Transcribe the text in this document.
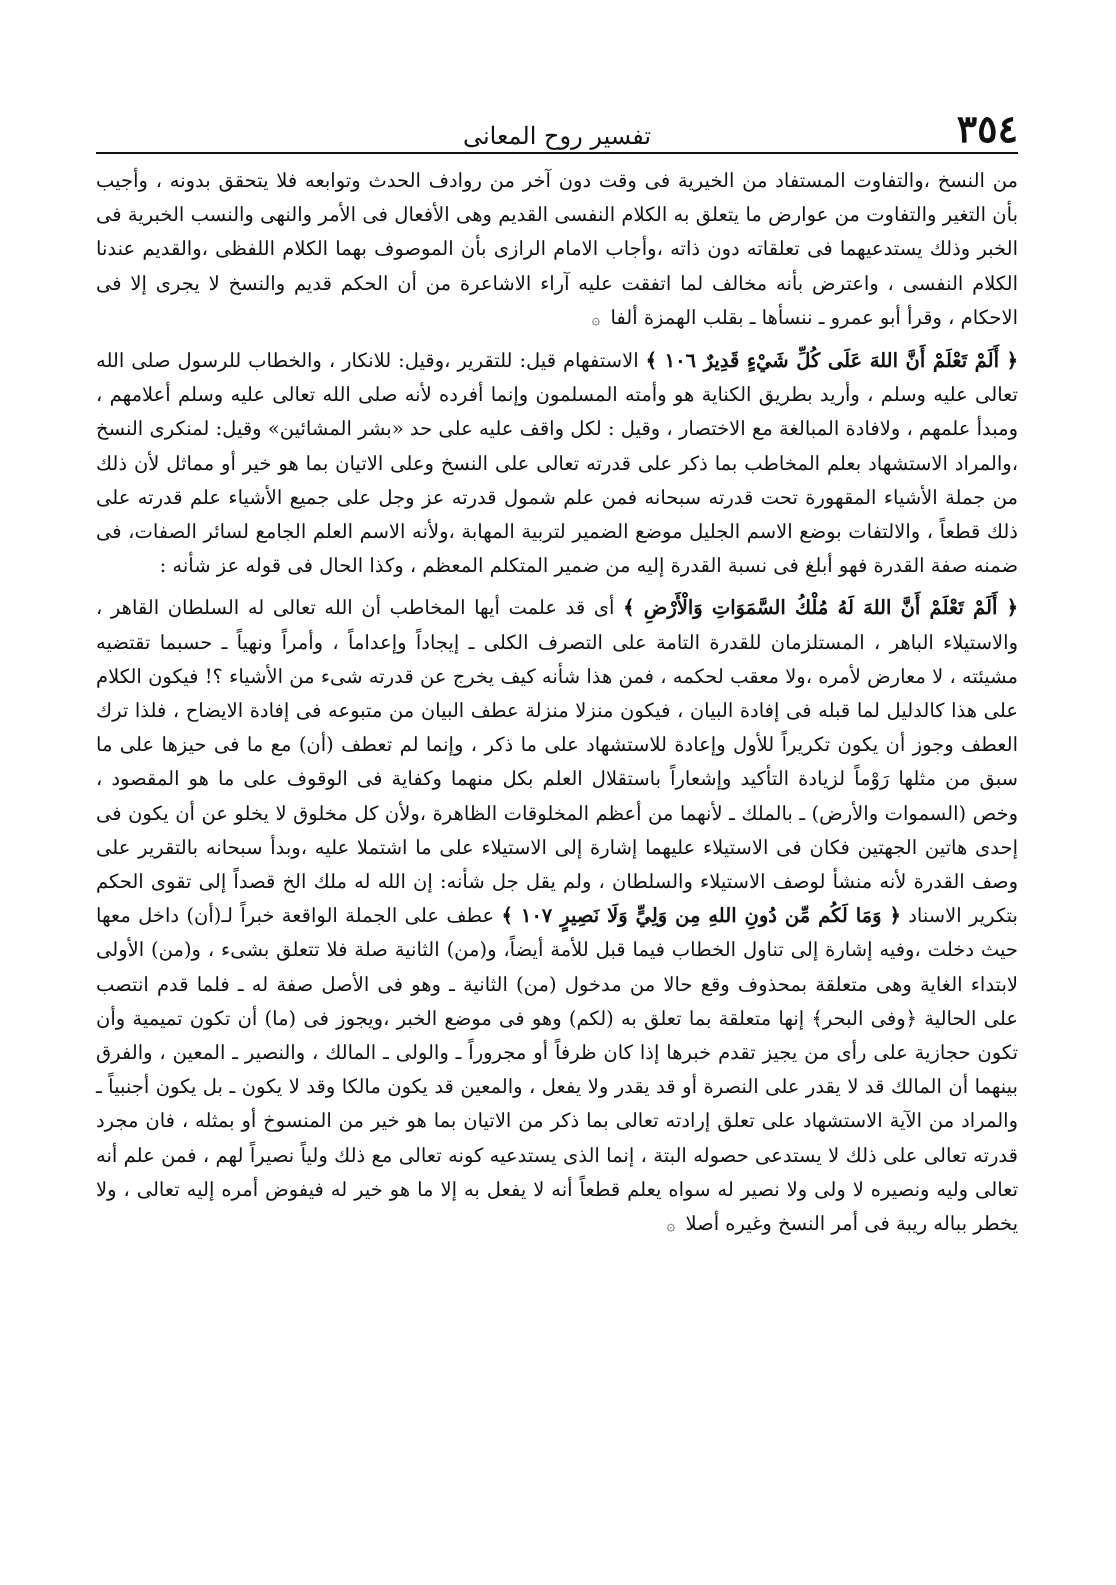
٣٥٤
تفسير روح المعانى

من النسخ ،والتفاوت المستفاد من الخيرية فى وقت دون آخر من روادف الحدث وتوابعه فلا يتحقق بدونه ، وأجيب بأن التغير والتفاوت من عوارض ما يتعلق به الكلام النفسى القديم وهى الأفعال فى الأمر والنهى والنسب الخبرية فى الخبر وذلك يستدعيهما فى تعلقاته دون ذاته ،وأجاب الامام الرازى بأن الموصوف بهما الكلام اللفظى ،والقديم عندنا الكلام النفسى ، واعترض بأنه مخالف لما اتفقت عليه آراء الاشاعرة من أن الحكم قديم والنسخ لا يجرى إلا فى الاحكام ، وقرأ أبو عمرو ـ ننسأها ـ بقلب الهمزة ألفا ۞

﴿ أَلَمْ تَعْلَمْ أَنَّ اللهَ عَلَى كُلِّ شَيْءٍ قَدِيرٌ ١٠٦ ﴾ الاستفهام قيل: للتقرير ،وقيل: للانكار ، والخطاب للرسول صلى الله تعالى عليه وسلم ، وأريد بطريق الكناية هو وأمته المسلمون وإنما أفرده لأنه صلى الله تعالى عليه وسلم أعلامهم ، ومبدأ علمهم ، ولافادة المبالغة مع الاختصار ، وقيل : لكل واقف عليه على حد «بشر المشائين» وقيل: لمنكرى النسخ ،والمراد الاستشهاد بعلم المخاطب بما ذكر على قدرته تعالى على النسخ وعلى الاتيان بما هو خير أو مماثل لأن ذلك من جملة الأشياء المقهورة تحت قدرته سبحانه فمن علم شمول قدرته عز وجل على جميع الأشياء علم قدرته على ذلك قطعاً ، والالتفات بوضع الاسم الجليل موضع الضمير لتربية المهابة ،ولأنه الاسم العلم الجامع لسائر الصفات، فى ضمنه صفة القدرة فهو أبلغ فى نسبة القدرة إليه من ضمير المتكلم المعظم ، وكذا الحال فى قوله عز شأنه :

﴿ أَلَمْ تَعْلَمْ أَنَّ اللهَ لَهُ مُلْكُ السَّمَوَاتِ وَالْأَرْضِ ﴾ أى قد علمت أيها المخاطب أن الله تعالى له السلطان القاهر ، والاستيلاء الباهر ، المستلزمان للقدرة التامة على التصرف الكلى ـ إيجاداً وإعداماً ، وأمراً ونهياً ـ حسبما تقتضيه مشيئته ، لا معارض لأمره ،ولا معقب لحكمه ، فمن هذا شأنه كيف يخرج عن قدرته شىء من الأشياء ؟! فيكون الكلام على هذا كالدليل لما قبله فى إفادة البيان ، فيكون منزلا منزلة عطف البيان من متبوعه فى إفادة الايضاح ، فلذا ترك العطف وجوز أن يكون تكريراً للأول وإعادة للاستشهاد على ما ذكر ، وإنما لم تعطف (أن) مع ما فى حيزها على ما سبق من مثلها رَوْماً لزيادة التأكيد وإشعاراً باستقلال العلم بكل منهما وكفاية فى الوقوف على ما هو المقصود ، وخص (السموات والأرض) ـ بالملك ـ لأنهما من أعظم المخلوقات الظاهرة ،ولأن كل مخلوق لا يخلو عن أن يكون فى إحدى هاتين الجهتين فكان فى الاستيلاء عليهما إشارة إلى الاستيلاء على ما اشتملا عليه ،وبدأ سبحانه بالتقرير على وصف القدرة لأنه منشأ لوصف الاستيلاء والسلطان ، ولم يقل جل شأنه: إن الله له ملك الخ قصداً إلى تقوى الحكم بتكرير الاسناد ﴿ وَمَا لَكُم مِّن دُونِ اللهِ مِن وَلِيٍّ وَلَا نَصِيرٍ ١٠٧ ﴾ عطف على الجملة الواقعة خبراً لـ(أن) داخل معها حيث دخلت ،وفيه إشارة إلى تناول الخطاب فيما قبل للأمة أيضاً، و(من) الثانية صلة فلا تتعلق بشىء ، و(من) الأولى لابتداء الغاية وهى متعلقة بمحذوف وقع حالا من مدخول (من) الثانية ـ وهو فى الأصل صفة له ـ فلما قدم انتصب على الحالية ﴿وفى البحر﴾ إنها متعلقة بما تعلق به (لكم) وهو فى موضع الخبر ،ويجوز فى (ما) أن تكون تميمية وأن تكون حجازية على رأى من يجيز تقدم خبرها إذا كان ظرفاً أو مجروراً ـ والولى ـ المالك ، والنصير ـ المعين ، والفرق بينهما أن المالك قد لا يقدر على النصرة أو قد يقدر ولا يفعل ، والمعين قد يكون مالكا وقد لا يكون ـ بل يكون أجنبياً ـ والمراد من الآية الاستشهاد على تعلق إرادته تعالى بما ذكر من الاتيان بما هو خير من المنسوخ أو بمثله ، فان مجرد قدرته تعالى على ذلك لا يستدعى حصوله البتة ، إنما الذى يستدعيه كونه تعالى مع ذلك ولياً نصيراً لهم ، فمن علم أنه تعالى وليه ونصيره لا ولى ولا نصير له سواه يعلم قطعاً أنه لا يفعل به إلا ما هو خير له فيفوض أمره إليه تعالى ، ولا يخطر بباله ريبة فى أمر النسخ وغيره أصلا ۞
